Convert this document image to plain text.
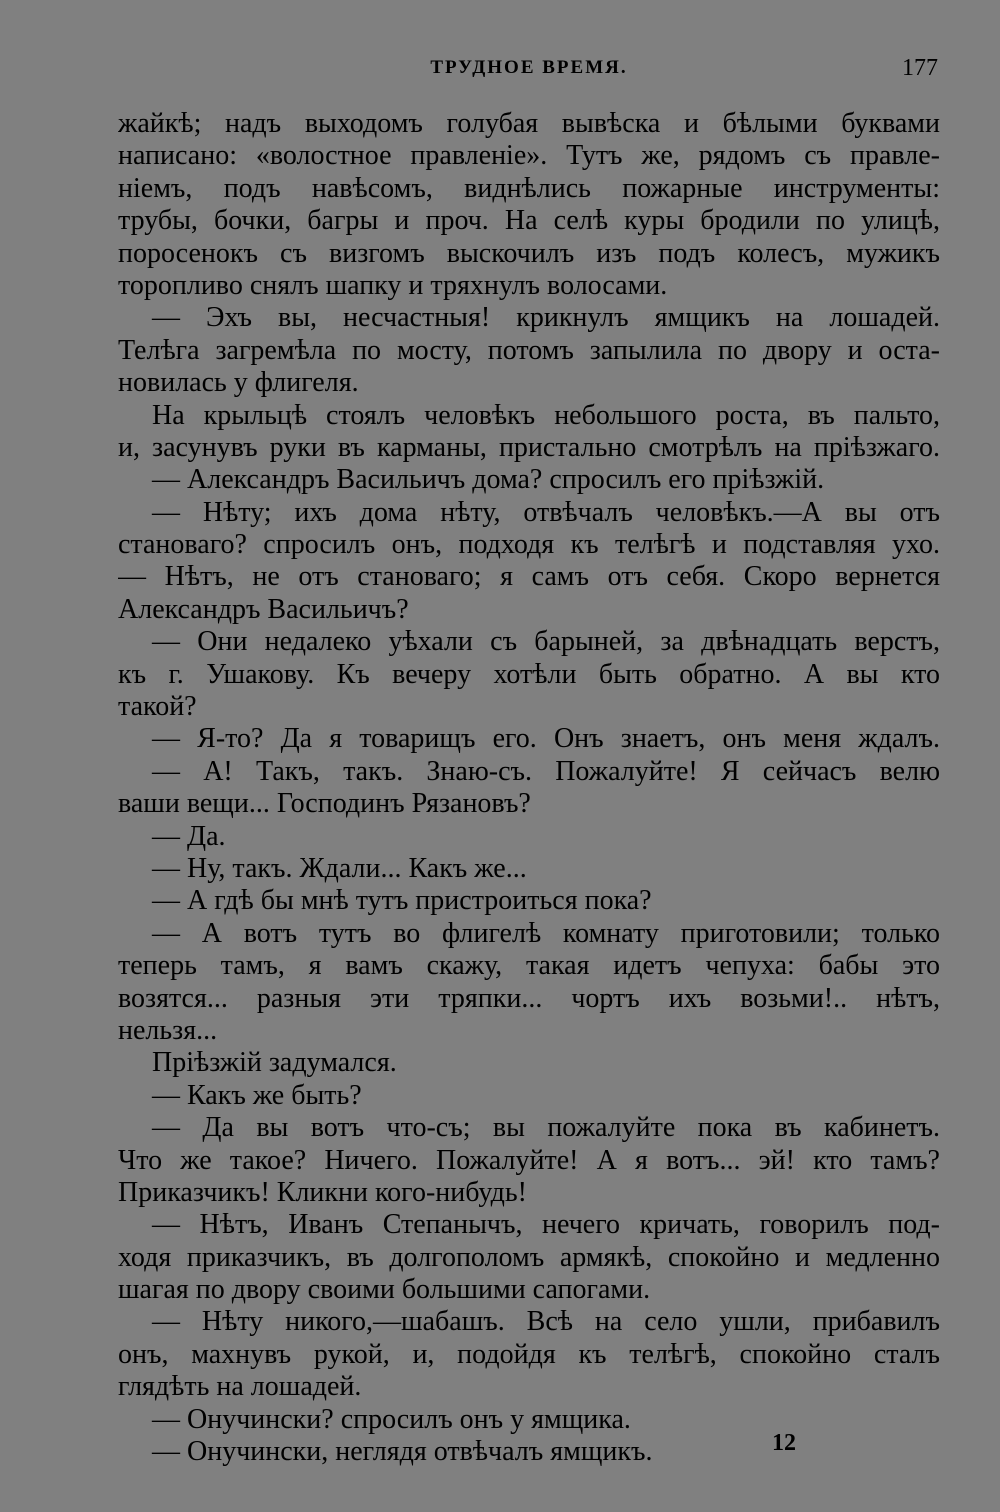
ТРУДНОЕ ВРЕМЯ.	177
жайкѣ; надъ выходомъ голубая вывѣска и бѣлыми буквами
написано: «волостное правленіе». Тутъ же, рядомъ съ правле-
ніемъ, подъ навѣсомъ, виднѣлись пожарные инструменты:
трубы, бочки, багры и проч. На селѣ куры бродили по улицѣ,
поросенокъ съ визгомъ выскочилъ изъ подъ колесъ, мужикъ
торопливо снялъ шапку и тряхнулъ волосами.
— Эхъ вы, несчастныя! крикнулъ ямщикъ на лошадей.
Телѣга загремѣла по мосту, потомъ запылила по двору и оста-
новилась у флигеля.
На крыльцѣ стоялъ человѣкъ небольшого роста, въ пальто,
и, засунувъ руки въ карманы, пристально смотрѣлъ на пріѣзжаго.
— Александръ Васильичъ дома? спросилъ его пріѣзжій.
— Нѣту; ихъ дома нѣту, отвѣчалъ человѣкъ.—А вы отъ
становаго? спросилъ онъ, подходя къ телѣгѣ и подставляя ухо.
— Нѣтъ, не отъ становаго; я самъ отъ себя. Скоро вернется
Александръ Васильичъ?
— Они недалеко уѣхали съ барыней, за двѣнадцать верстъ,
къ г. Ушакову. Къ вечеру хотѣли быть обратно. А вы кто
такой?
— Я-то? Да я товарищъ его. Онъ знаетъ, онъ меня ждалъ.
— А! Такъ, такъ. Знаю-съ. Пожалуйте! Я сейчасъ велю
ваши вещи... Господинъ Рязановъ?
— Да.
— Ну, такъ. Ждали... Какъ же...
— А гдѣ бы мнѣ тутъ пристроиться пока?
— А вотъ тутъ во флигелѣ комнату приготовили; только
теперь тамъ, я вамъ скажу, такая идетъ чепуха: бабы это
возятся... разныя эти тряпки... чортъ ихъ возьми!.. нѣтъ,
нельзя...
Пріѣзжій задумался.
— Какъ же быть?
— Да вы вотъ что-съ; вы пожалуйте пока въ кабинетъ.
Что же такое? Ничего. Пожалуйте! А я вотъ... эй! кто тамъ?
Приказчикъ! Кликни кого-нибудь!
— Нѣтъ, Иванъ Степанычъ, нечего кричать, говорилъ под-
ходя приказчикъ, въ долгополомъ армякѣ, спокойно и медленно
шагая по двору своими большими сапогами.
— Нѣту никого,—шабашъ. Всѣ на село ушли, прибавилъ
онъ, махнувъ рукой, и, подойдя къ телѣгѣ, спокойно сталъ
глядѣть на лошадей.
— Онучински? спросилъ онъ у ямщика.
— Онучински, неглядя отвѣчалъ ямщикъ.	12
